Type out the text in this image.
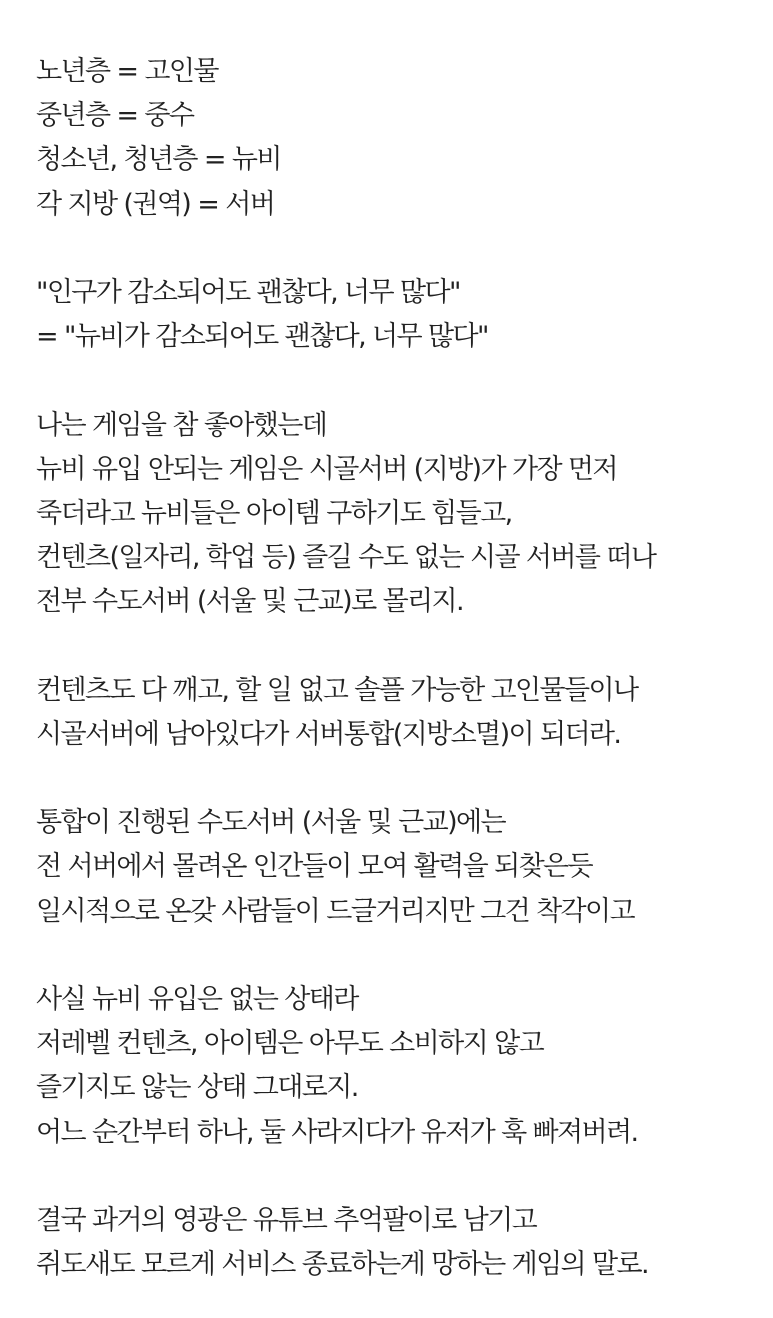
노년층 = 고인물
중년층 = 중수
청소년, 청년층 = 뉴비
각 지방 (권역) = 서버
"인구가 감소되어도 괜찮다, 너무 많다"
= "뉴비가 감소되어도 괜찮다, 너무 많다"
나는 게임을 참 좋아했는데
뉴비 유입 안되는 게임은 시골서버 (지방)가 가장 먼저
죽더라고 뉴비들은 아이템 구하기도 힘들고,
컨텐츠(일자리, 학업 등) 즐길 수도 없는 시골 서버를 떠나
전부 수도서버 (서울 및 근교)로 몰리지.
컨텐츠도 다 깨고, 할 일 없고 솔플 가능한 고인물들이나
시골서버에 남아있다가 서버통합(지방소멸)이 되더라.
통합이 진행된 수도서버 (서울 및 근교)에는
전 서버에서 몰려온 인간들이 모여 활력을 되찾은듯
일시적으로 온갖 사람들이 드글거리지만 그건 착각이고
사실 뉴비 유입은 없는 상태라
저레벨 컨텐츠, 아이템은 아무도 소비하지 않고
즐기지도 않는 상태 그대로지.
어느 순간부터 하나, 둘 사라지다가 유저가 훅 빠져버려.
결국 과거의 영광은 유튜브 추억팔이로 남기고
쥐도새도 모르게 서비스 종료하는게 망하는 게임의 말로.
